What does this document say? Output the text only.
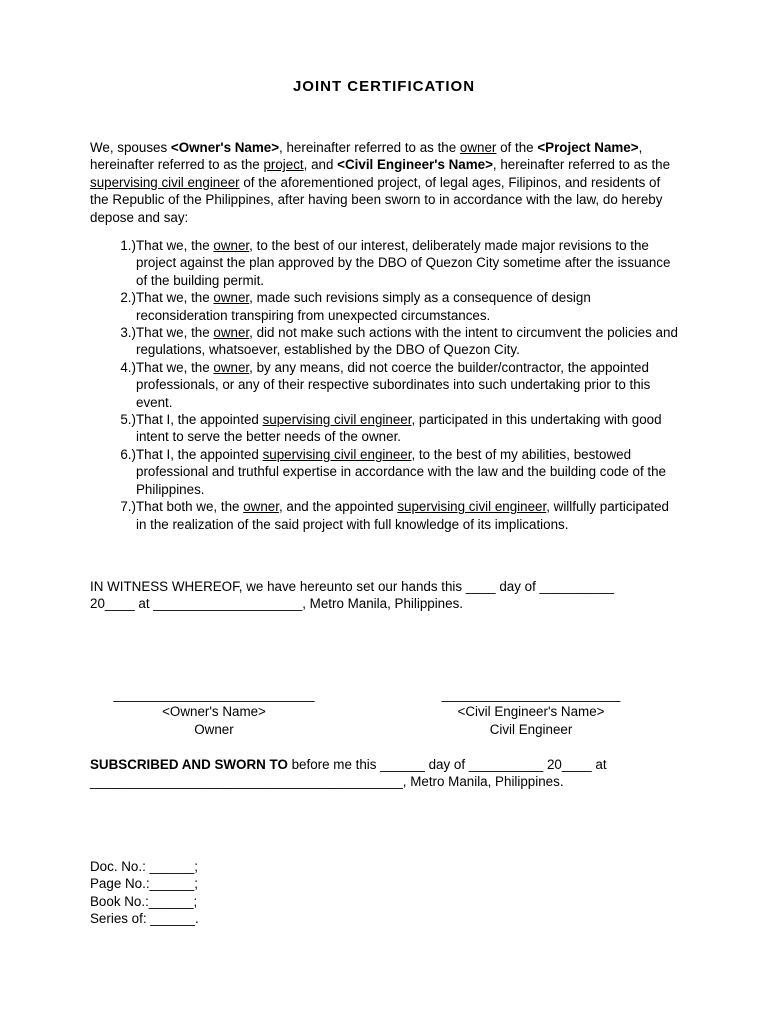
JOINT CERTIFICATION
We, spouses <Owner's Name>, hereinafter referred to as the owner of the <Project Name>, hereinafter referred to as the project, and <Civil Engineer's Name>, hereinafter referred to as the supervising civil engineer of the aforementioned project, of legal ages, Filipinos, and residents of the Republic of the Philippines, after having been sworn to in accordance with the law, do hereby depose and say:
1.) That we, the owner, to the best of our interest, deliberately made major revisions to the project against the plan approved by the DBO of Quezon City sometime after the issuance of the building permit.
2.) That we, the owner, made such revisions simply as a consequence of design reconsideration transpiring from unexpected circumstances.
3.) That we, the owner, did not make such actions with the intent to circumvent the policies and regulations, whatsoever, established by the DBO of Quezon City.
4.) That we, the owner, by any means, did not coerce the builder/contractor, the appointed professionals, or any of their respective subordinates into such undertaking prior to this event.
5.) That I, the appointed supervising civil engineer, participated in this undertaking with good intent to serve the better needs of the owner.
6.) That I, the appointed supervising civil engineer, to the best of my abilities, bestowed professional and truthful expertise in accordance with the law and the building code of the Philippines.
7.) That both we, the owner, and the appointed supervising civil engineer, willfully participated in the realization of the said project with full knowledge of its implications.
IN WITNESS WHEREOF, we have hereunto set our hands this ____ day of __________
20____ at ____________________, Metro Manila, Philippines.
___________________________
<Owner's Name>
Owner
________________________
<Civil Engineer's Name>
Civil Engineer
SUBSCRIBED AND SWORN TO before me this ______ day of __________ 20____ at
__________________________________________, Metro Manila, Philippines.
Doc. No.: ______;
Page No.:______;
Book No.:______;
Series of: ______.
